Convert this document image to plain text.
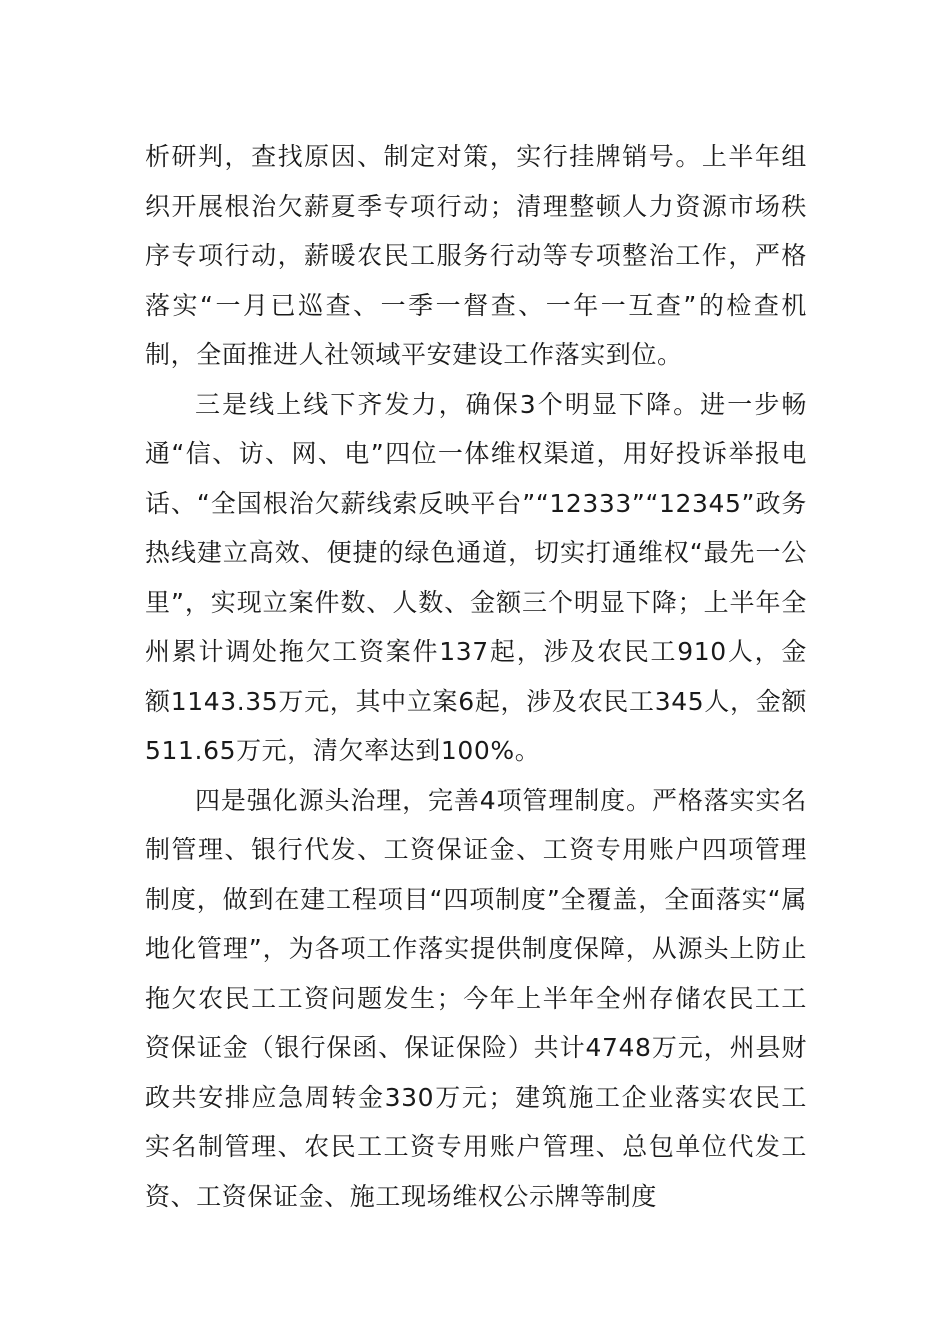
析研判，查找原因、制定对策，实行挂牌销号。上半年组织开展根治欠薪夏季专项行动；清理整顿人力资源市场秩序专项行动，薪暖农民工服务行动等专项整治工作，严格落实“一月已巡查、一季一督查、一年一互查”的检查机制，全面推进人社领域平安建设工作落实到位。

三是线上线下齐发力，确保3个明显下降。进一步畅通“信、访、网、电”四位一体维权渠道，用好投诉举报电话、“全国根治欠薪线索反映平台”“12333”“12345”政务热线建立高效、便捷的绿色通道，切实打通维权“最先一公里”，实现立案件数、人数、金额三个明显下降；上半年全州累计调处拖欠工资案件137起，涉及农民工910人，金额1143.35万元，其中立案6起，涉及农民工345人，金额511.65万元，清欠率达到100%。

四是强化源头治理，完善4项管理制度。严格落实实名制管理、银行代发、工资保证金、工资专用账户四项管理制度，做到在建工程项目“四项制度”全覆盖，全面落实“属地化管理”，为各项工作落实提供制度保障，从源头上防止拖欠农民工工资问题发生；今年上半年全州存储农民工工资保证金（银行保函、保证保险）共计4748万元，州县财政共安排应急周转金330万元；建筑施工企业落实农民工实名制管理、农民工工资专用账户管理、总包单位代发工资、工资保证金、施工现场维权公示牌等制度
